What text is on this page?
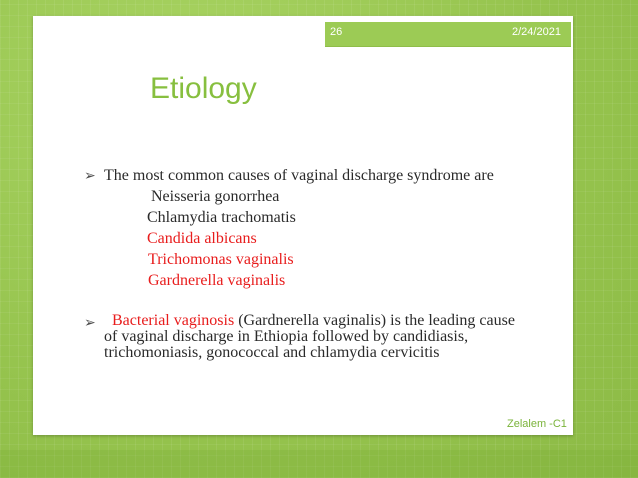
26	2/24/2021
Etiology
➢ The most common causes of vaginal discharge syndrome are
Neisseria gonorrhea
Chlamydia trachomatis
Candida albicans
Trichomonas vaginalis
Gardnerella vaginalis
➢	Bacterial vaginosis (Gardnerella vaginalis) is the leading cause of vaginal discharge in Ethiopia followed by candidiasis, trichomoniasis, gonococcal and chlamydia cervicitis
Zelalem -C1
